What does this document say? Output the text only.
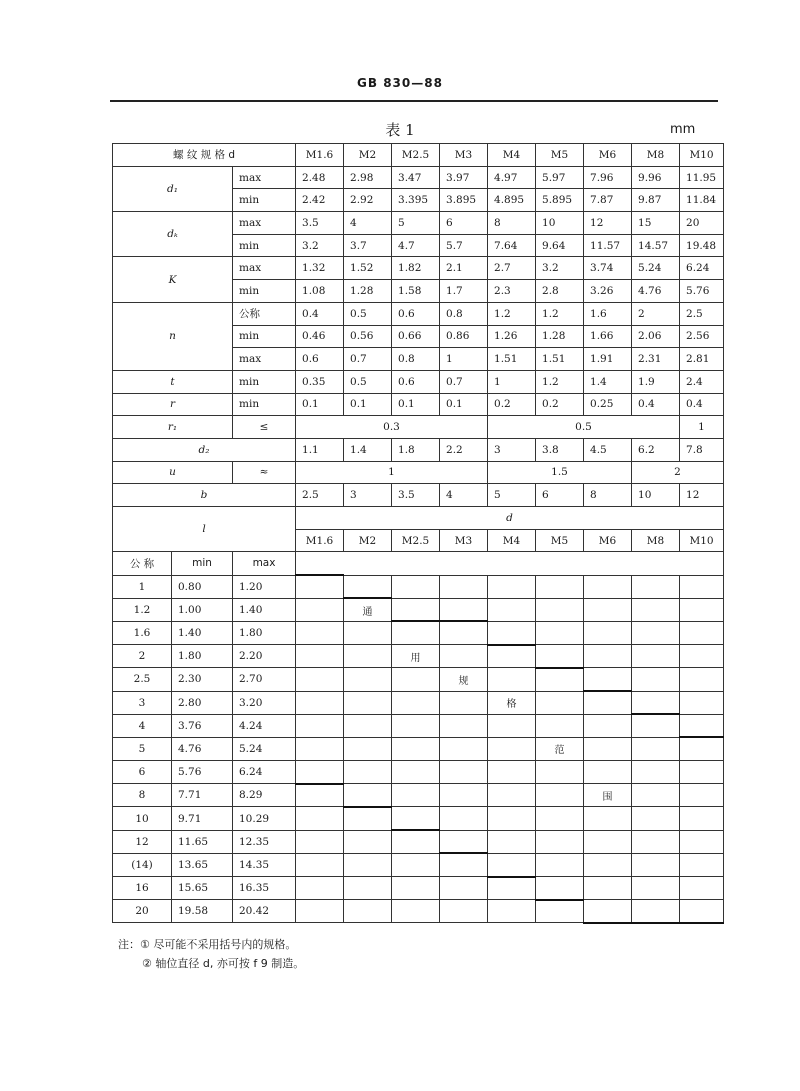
GB 830—88
表 1	mm
螺 纹 规 格 d			M1.6	M2	M2.5	M3	M4	M5	M6	M8	M10	
d₁		max	2.48	2.98	3.47	3.97	4.97	5.97	7.96	9.96	11.95	
		min	2.42	2.92	3.395	3.895	4.895	5.895	7.87	9.87	11.84	
dₖ		max	3.5	4	5	6	8	10	12	15	20	
		min	3.2	3.7	4.7	5.7	7.64	9.64	11.57	14.57	19.48	
K		max	1.32	1.52	1.82	2.1	2.7	3.2	3.74	5.24	6.24	
		min	1.08	1.28	1.58	1.7	2.3	2.8	3.26	4.76	5.76	
n		公称	0.4	0.5	0.6	0.8	1.2	1.2	1.6	2	2.5	
		min	0.46	0.56	0.66	0.86	1.26	1.28	1.66	2.06	2.56	
		max	0.6	0.7	0.8	1	1.51	1.51	1.91	2.31	2.81	
t		min	0.35	0.5	0.6	0.7	1	1.2	1.4	1.9	2.4	
r		min	0.1	0.1	0.1	0.1	0.2	0.2	0.25	0.4	0.4	
r₁		≤	0.3				0.5				1	
d₂			1.1	1.4	1.8	2.2	3	3.8	4.5	6.2	7.8	
u		≈	1				1.5			2	
b			2.5	3	3.5	4	5	6	8	10	12	
l			d									
			M1.6	M2	M2.5	M3	M4	M5	M6	M8	M10	
公 称	min	max										
1	0.80	1.20										
1.2	1.00	1.40		通								
1.6	1.40	1.80										
2	1.80	2.20			用							
2.5	2.30	2.70				规						
3	2.80	3.20					格					
4	3.76	4.24										
5	4.76	5.24						范				
6	5.76	6.24										
8	7.71	8.29							围			
10	9.71	10.29										
12	11.65	12.35										
(14)	13.65	14.35										
16	15.65	16.35										
20	19.58	20.42										
注：① 尽可能不采用括号内的规格。
② 轴位直径 d, 亦可按 f 9 制造。
